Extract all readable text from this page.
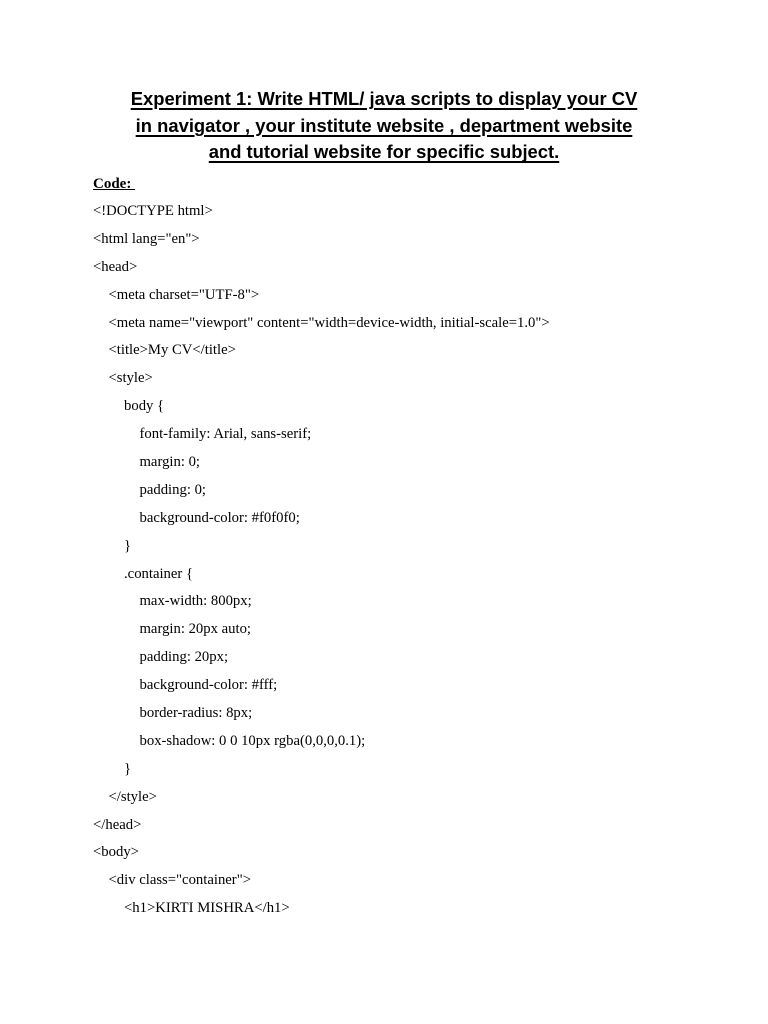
Experiment 1: Write HTML/ java scripts to display your CV
in navigator , your institute website , department website
and tutorial website for specific subject.
Code:
<!DOCTYPE html>
<html lang="en">
<head>
<meta charset="UTF-8">
<meta name="viewport" content="width=device-width, initial-scale=1.0">
<title>My CV</title>
<style>
body {
font-family: Arial, sans-serif;
margin: 0;
padding: 0;
background-color: #f0f0f0;
}
.container {
max-width: 800px;
margin: 20px auto;
padding: 20px;
background-color: #fff;
border-radius: 8px;
box-shadow: 0 0 10px rgba(0,0,0,0.1);
}
</style>
</head>
<body>
<div class="container">
<h1>KIRTI MISHRA</h1>
